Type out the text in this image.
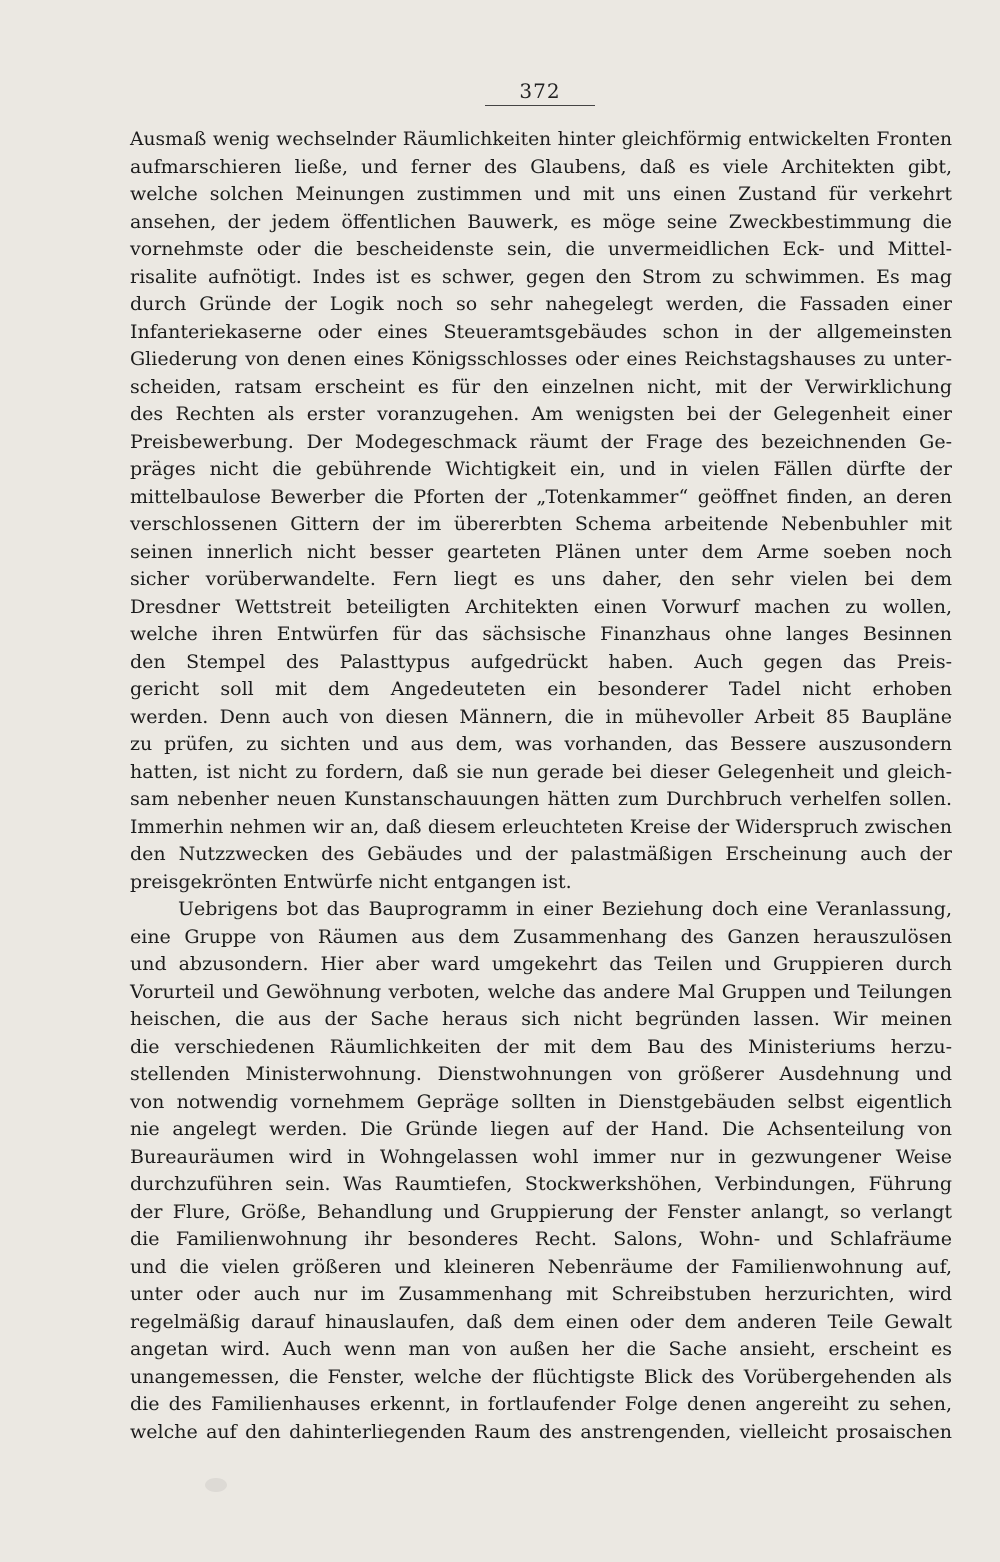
372
Ausmaß wenig wechselnder Räumlichkeiten hinter gleichförmig entwickelten Fronten
aufmarschieren ließe, und ferner des Glaubens, daß es viele Architekten gibt,
welche solchen Meinungen zustimmen und mit uns einen Zustand für verkehrt
ansehen, der jedem öffentlichen Bauwerk, es möge seine Zweckbestimmung die
vornehmste oder die bescheidenste sein, die unvermeidlichen Eck- und Mittel-
risalite aufnötigt. Indes ist es schwer, gegen den Strom zu schwimmen. Es mag
durch Gründe der Logik noch so sehr nahegelegt werden, die Fassaden einer
Infanteriekaserne oder eines Steueramtsgebäudes schon in der allgemeinsten
Gliederung von denen eines Königsschlosses oder eines Reichstagshauses zu unter-
scheiden, ratsam erscheint es für den einzelnen nicht, mit der Verwirklichung
des Rechten als erster voranzugehen. Am wenigsten bei der Gelegenheit einer
Preisbewerbung. Der Modegeschmack räumt der Frage des bezeichnenden Ge-
präges nicht die gebührende Wichtigkeit ein, und in vielen Fällen dürfte der
mittelbaulose Bewerber die Pforten der „Totenkammer“ geöffnet finden, an deren
verschlossenen Gittern der im übererbten Schema arbeitende Nebenbuhler mit
seinen innerlich nicht besser gearteten Plänen unter dem Arme soeben noch
sicher vorüberwandelte. Fern liegt es uns daher, den sehr vielen bei dem
Dresdner Wettstreit beteiligten Architekten einen Vorwurf machen zu wollen,
welche ihren Entwürfen für das sächsische Finanzhaus ohne langes Besinnen
den Stempel des Palasttypus aufgedrückt haben. Auch gegen das Preis-
gericht soll mit dem Angedeuteten ein besonderer Tadel nicht erhoben
werden. Denn auch von diesen Männern, die in mühevoller Arbeit 85 Baupläne
zu prüfen, zu sichten und aus dem, was vorhanden, das Bessere auszusondern
hatten, ist nicht zu fordern, daß sie nun gerade bei dieser Gelegenheit und gleich-
sam nebenher neuen Kunstanschauungen hätten zum Durchbruch verhelfen sollen.
Immerhin nehmen wir an, daß diesem erleuchteten Kreise der Widerspruch zwischen
den Nutzzwecken des Gebäudes und der palastmäßigen Erscheinung auch der
preisgekrönten Entwürfe nicht entgangen ist.
Uebrigens bot das Bauprogramm in einer Beziehung doch eine Veranlassung,
eine Gruppe von Räumen aus dem Zusammenhang des Ganzen herauszulösen
und abzusondern. Hier aber ward umgekehrt das Teilen und Gruppieren durch
Vorurteil und Gewöhnung verboten, welche das andere Mal Gruppen und Teilungen
heischen, die aus der Sache heraus sich nicht begründen lassen. Wir meinen
die verschiedenen Räumlichkeiten der mit dem Bau des Ministeriums herzu-
stellenden Ministerwohnung. Dienstwohnungen von größerer Ausdehnung und
von notwendig vornehmem Gepräge sollten in Dienstgebäuden selbst eigentlich
nie angelegt werden. Die Gründe liegen auf der Hand. Die Achsenteilung von
Bureauräumen wird in Wohngelassen wohl immer nur in gezwungener Weise
durchzuführen sein. Was Raumtiefen, Stockwerkshöhen, Verbindungen, Führung
der Flure, Größe, Behandlung und Gruppierung der Fenster anlangt, so verlangt
die Familienwohnung ihr besonderes Recht. Salons, Wohn- und Schlafräume
und die vielen größeren und kleineren Nebenräume der Familienwohnung auf,
unter oder auch nur im Zusammenhang mit Schreibstuben herzurichten, wird
regelmäßig darauf hinauslaufen, daß dem einen oder dem anderen Teile Gewalt
angetan wird. Auch wenn man von außen her die Sache ansieht, erscheint es
unangemessen, die Fenster, welche der flüchtigste Blick des Vorübergehenden als
die des Familienhauses erkennt, in fortlaufender Folge denen angereiht zu sehen,
welche auf den dahinterliegenden Raum des anstrengenden, vielleicht prosaischen
